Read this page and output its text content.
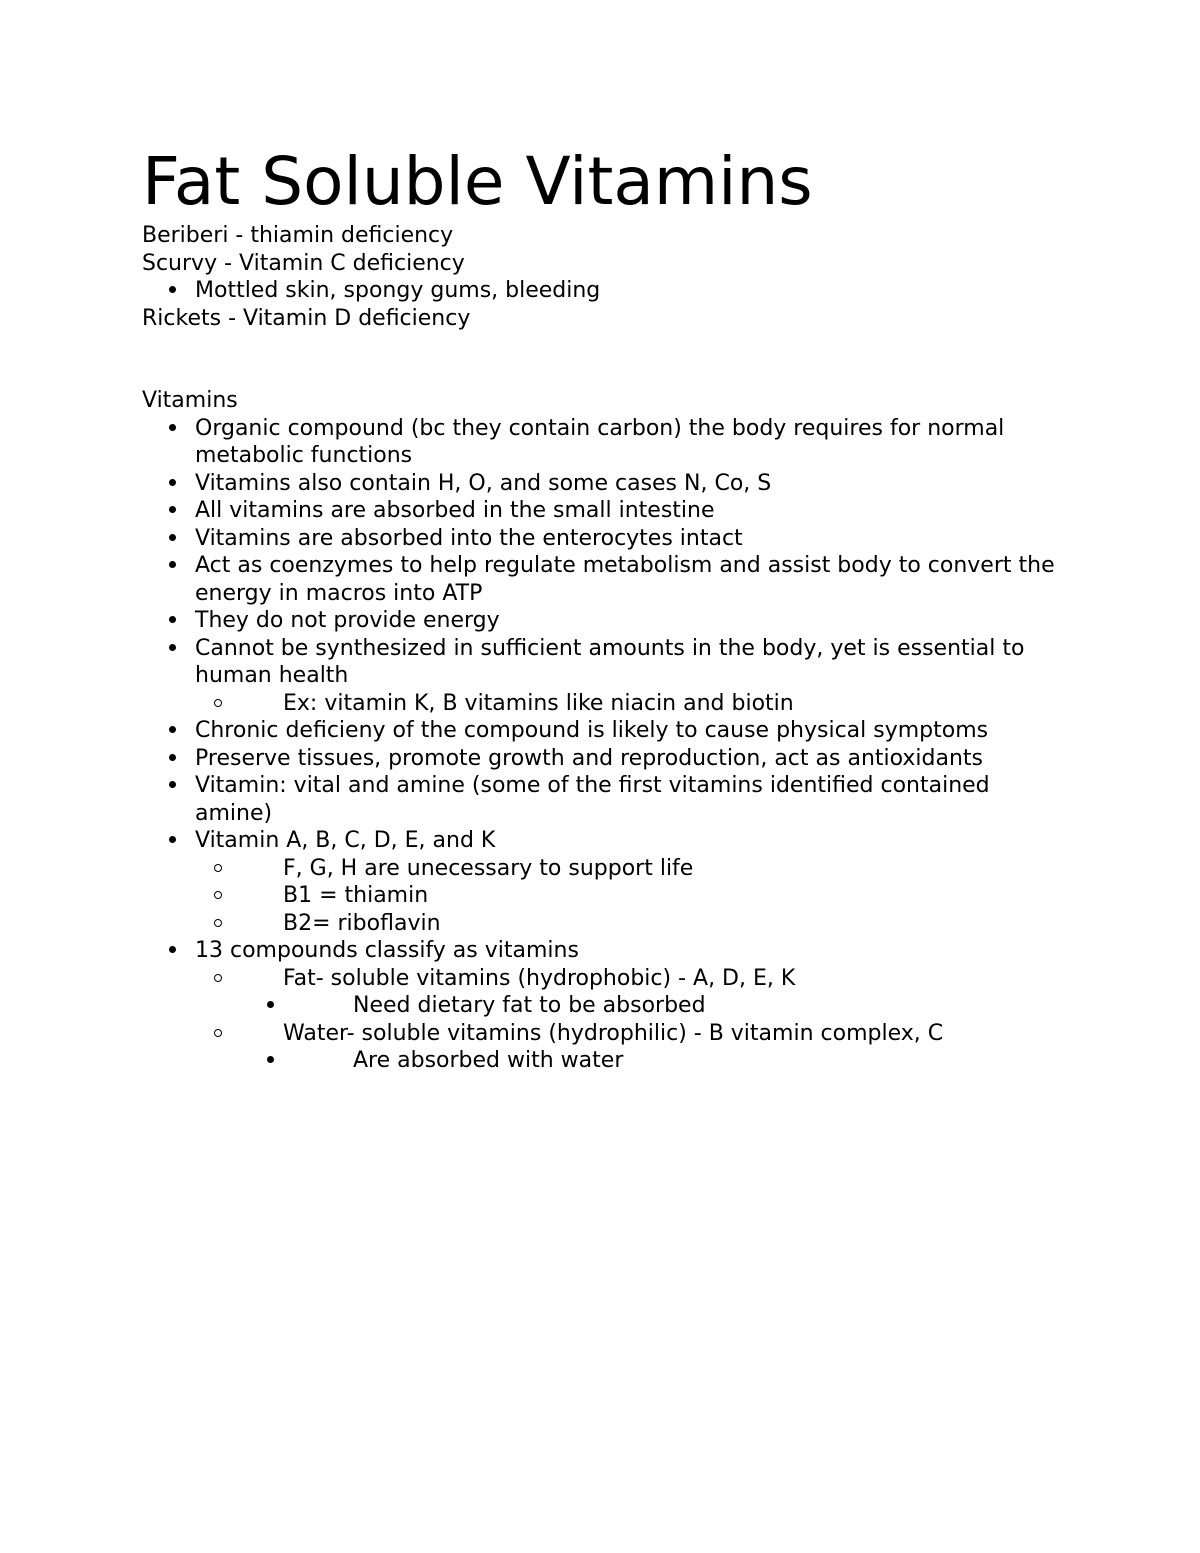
Fat Soluble Vitamins

Beriberi - thiamin deficiency

Scurvy - Vitamin C deficiency

Mottled skin, spongy gums, bleeding

Rickets - Vitamin D deficiency

Vitamins

Organic compound (bc they contain carbon) the body requires for normal metabolic functions
Vitamins also contain H, O, and some cases N, Co, S
All vitamins are absorbed in the small intestine
Vitamins are absorbed into the enterocytes intact
Act as coenzymes to help regulate metabolism and assist body to convert the energy in macros into ATP
They do not provide energy
Cannot be synthesized in sufficient amounts in the body, yet is essential to human health
Ex: vitamin K, B vitamins like niacin and biotin
Chronic deficieny of the compound is likely to cause physical symptoms
Preserve tissues, promote growth and reproduction, act as antioxidants
Vitamin: vital and amine (some of the first vitamins identified contained amine)
Vitamin A, B, C, D, E, and K
F, G, H are unecessary to support life
B1 = thiamin
B2= riboflavin
13 compounds classify as vitamins
Fat- soluble vitamins (hydrophobic) - A, D, E, K
Need dietary fat to be absorbed
Water- soluble vitamins (hydrophilic) - B vitamin complex, C
Are absorbed with water
